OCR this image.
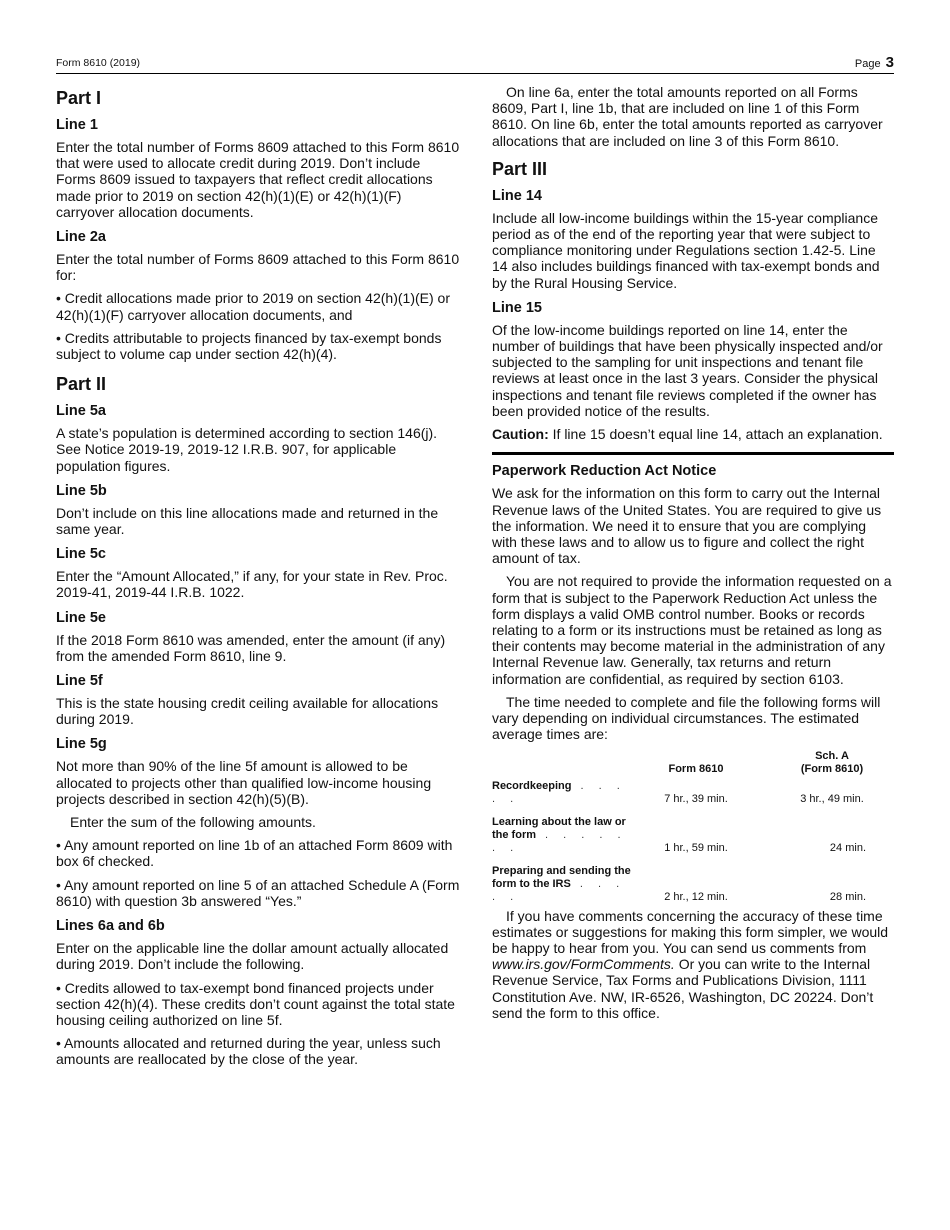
Form 8610 (2019)	Page 3
Part I
Line 1

Enter the total number of Forms 8609 attached to this Form 8610 that were used to allocate credit during 2019. Don’t include Forms 8609 issued to taxpayers that reflect credit allocations made prior to 2019 on section 42(h)(1)(E) or 42(h)(1)(F) carryover allocation documents.

Line 2a

Enter the total number of Forms 8609 attached to this Form 8610 for:

• Credit allocations made prior to 2019 on section 42(h)(1)(E) or 42(h)(1)(F) carryover allocation documents, and

• Credits attributable to projects financed by tax-exempt bonds subject to volume cap under section 42(h)(4).

Part II
Line 5a

A state’s population is determined according to section 146(j). See Notice 2019-19, 2019-12 I.R.B. 907, for applicable population figures.

Line 5b

Don’t include on this line allocations made and returned in the same year.

Line 5c

Enter the “Amount Allocated,” if any, for your state in Rev. Proc. 2019-41, 2019-44 I.R.B. 1022.

Line 5e

If the 2018 Form 8610 was amended, enter the amount (if any) from the amended Form 8610, line 9.

Line 5f

This is the state housing credit ceiling available for allocations during 2019.

Line 5g

Not more than 90% of the line 5f amount is allowed to be allocated to projects other than qualified low-income housing projects described in section 42(h)(5)(B).

Enter the sum of the following amounts.

• Any amount reported on line 1b of an attached Form 8609 with box 6f checked.

• Any amount reported on line 5 of an attached Schedule A (Form 8610) with question 3b answered “Yes.”

Lines 6a and 6b

Enter on the applicable line the dollar amount actually allocated during 2019. Don’t include the following.

• Credits allowed to tax-exempt bond financed projects under section 42(h)(4). These credits don’t count against the total state housing ceiling authorized on line 5f.

• Amounts allocated and returned during the year, unless such amounts are reallocated by the close of the year.

On line 6a, enter the total amounts reported on all Forms 8609, Part I, line 1b, that are included on line 1 of this Form 8610. On line 6b, enter the total amounts reported as carryover allocations that are included on line 3 of this Form 8610.

Part III
Line 14

Include all low-income buildings within the 15-year compliance period as of the end of the reporting year that were subject to compliance monitoring under Regulations section 1.42-5. Line 14 also includes buildings financed with tax-exempt bonds and by the Rural Housing Service.

Line 15

Of the low-income buildings reported on line 14, enter the number of buildings that have been physically inspected and/or subjected to the sampling for unit inspections and tenant file reviews at least once in the last 3 years. Consider the physical inspections and tenant file reviews completed if the owner has been provided notice of the results.

Caution: If line 15 doesn’t equal line 14, attach an explanation.

Paperwork Reduction Act Notice

We ask for the information on this form to carry out the Internal Revenue laws of the United States. You are required to give us the information. We need it to ensure that you are complying with these laws and to allow us to figure and collect the right amount of tax.

You are not required to provide the information requested on a form that is subject to the Paperwork Reduction Act unless the form displays a valid OMB control number. Books or records relating to a form or its instructions must be retained as long as their contents may become material in the administration of any Internal Revenue law. Generally, tax returns and return information are confidential, as required by section 6103.

The time needed to complete and file the following forms will vary depending on individual circumstances. The estimated average times are:

	Form 8610	Sch. A
(Form 8610)
Recordkeeping . . . . .	7 hr., 39 min.	3 hr., 49 min.

Learning about the law or
the form . . . . . . .	1 hr., 59 min.	24 min.

Preparing and sending the
form to the IRS . . . . .	2 hr., 12 min.	28 min.

If you have comments concerning the accuracy of these time estimates or suggestions for making this form simpler, we would be happy to hear from you. You can send us comments from www.irs.gov/FormComments. Or you can write to the Internal Revenue Service, Tax Forms and Publications Division, 1111 Constitution Ave. NW, IR-6526, Washington, DC 20224. Don’t send the form to this office.
